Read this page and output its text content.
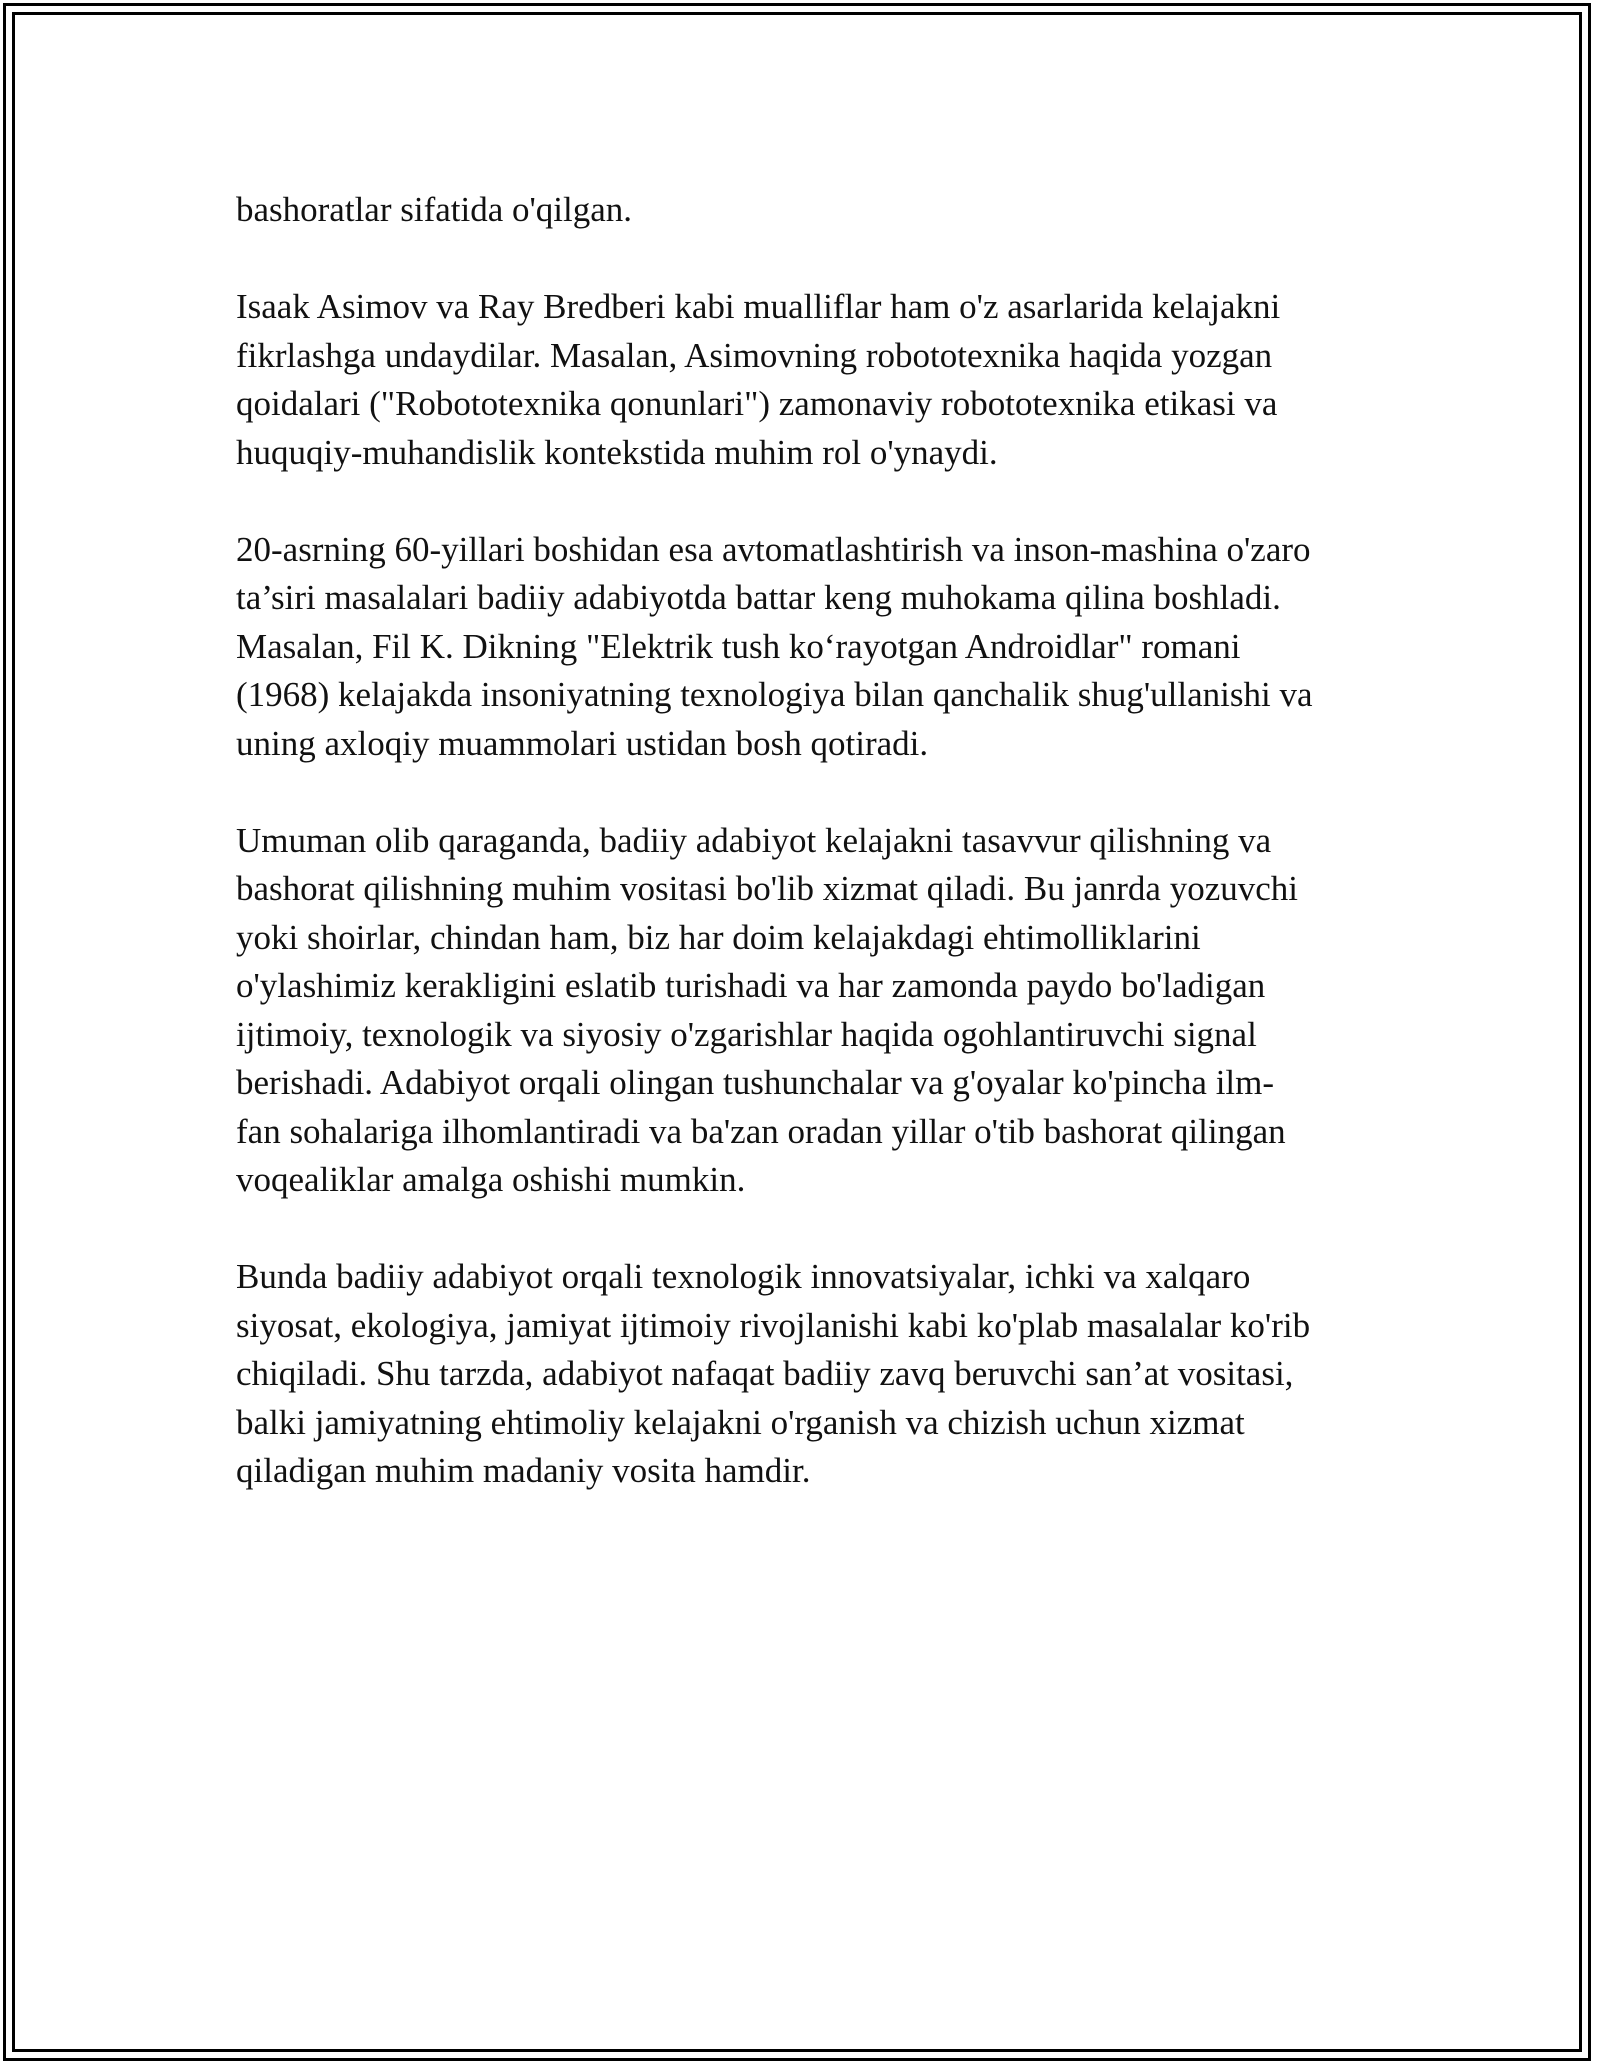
bashoratlar sifatida o'qilgan.

Isaak Asimov va Ray Bredberi kabi mualliflar ham o'z asarlarida kelajakni
fikrlashga undaydilar. Masalan, Asimovning robototexnika haqida yozgan
qoidalari ("Robototexnika qonunlari") zamonaviy robototexnika etikasi va
huquqiy-muhandislik kontekstida muhim rol o'ynaydi.

20-asrning 60-yillari boshidan esa avtomatlashtirish va inson-mashina o'zaro
ta’siri masalalari badiiy adabiyotda battar keng muhokama qilina boshladi.
Masalan, Fil K. Dikning "Elektrik tush ko‘rayotgan Androidlar" romani
(1968) kelajakda insoniyatning texnologiya bilan qanchalik shug'ullanishi va
uning axloqiy muammolari ustidan bosh qotiradi.

Umuman olib qaraganda, badiiy adabiyot kelajakni tasavvur qilishning va
bashorat qilishning muhim vositasi bo'lib xizmat qiladi. Bu janrda yozuvchi
yoki shoirlar, chindan ham, biz har doim kelajakdagi ehtimolliklarini
o'ylashimiz kerakligini eslatib turishadi va har zamonda paydo bo'ladigan
ijtimoiy, texnologik va siyosiy o'zgarishlar haqida ogohlantiruvchi signal
berishadi. Adabiyot orqali olingan tushunchalar va g'oyalar ko'pincha ilm-
fan sohalariga ilhomlantiradi va ba'zan oradan yillar o'tib bashorat qilingan
voqealiklar amalga oshishi mumkin.

Bunda badiiy adabiyot orqali texnologik innovatsiyalar, ichki va xalqaro
siyosat, ekologiya, jamiyat ijtimoiy rivojlanishi kabi ko'plab masalalar ko'rib
chiqiladi. Shu tarzda, adabiyot nafaqat badiiy zavq beruvchi san’at vositasi,
balki jamiyatning ehtimoliy kelajakni o'rganish va chizish uchun xizmat
qiladigan muhim madaniy vosita hamdir.
